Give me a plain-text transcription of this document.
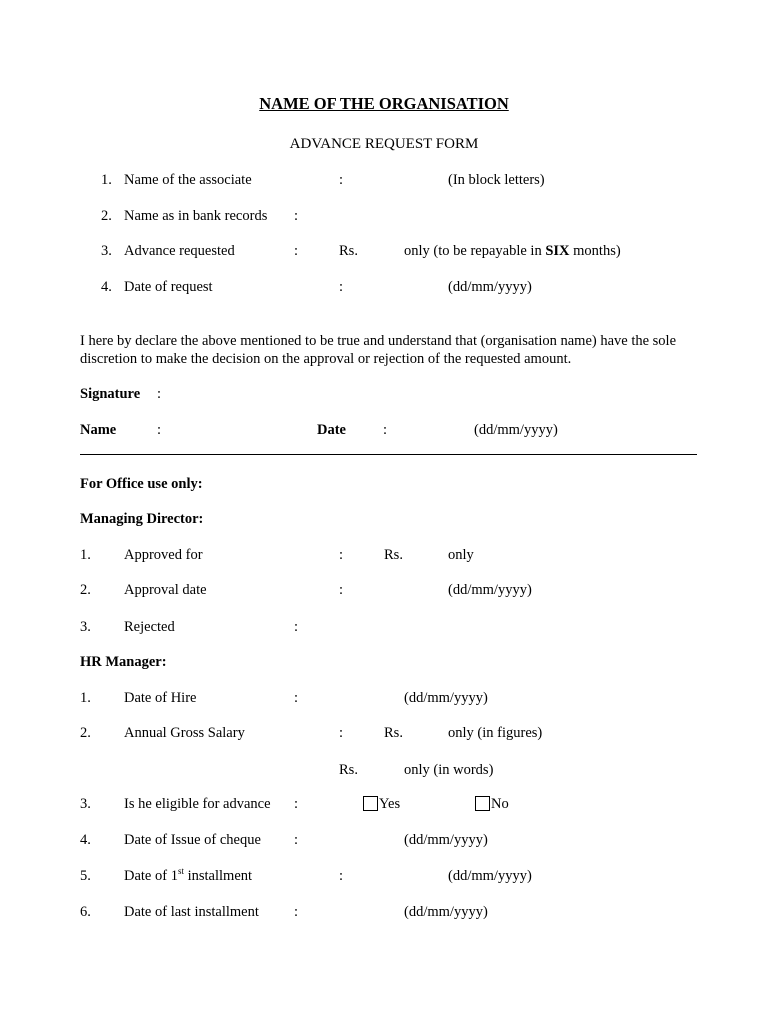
NAME OF THE ORGANISATION
ADVANCE REQUEST FORM
1. Name of the associate	:	(In block letters)
2. Name as in bank records :
3. Advance requested	:	Rs.	only (to be repayable in SIX months)
4. Date of request	:	(dd/mm/yyyy)
I here by declare the above mentioned to be true and understand that (organisation name) have the sole discretion to make the decision on the approval or rejection of the requested amount.
Signature :
Name	:	Date	:	(dd/mm/yyyy)
For Office use only:
Managing Director:
1. Approved for	:	Rs.	only
2. Approval date	:	(dd/mm/yyyy)
3. Rejected	:
HR Manager:
1. Date of Hire	:	(dd/mm/yyyy)
2. Annual Gross Salary	:	Rs.	only (in figures)
Rs.	only (in words)
3. Is he eligible for advance :	Yes	No
4. Date of Issue of cheque :	(dd/mm/yyyy)
5. Date of 1st installment	:	(dd/mm/yyyy)
6. Date of last installment :	(dd/mm/yyyy)
